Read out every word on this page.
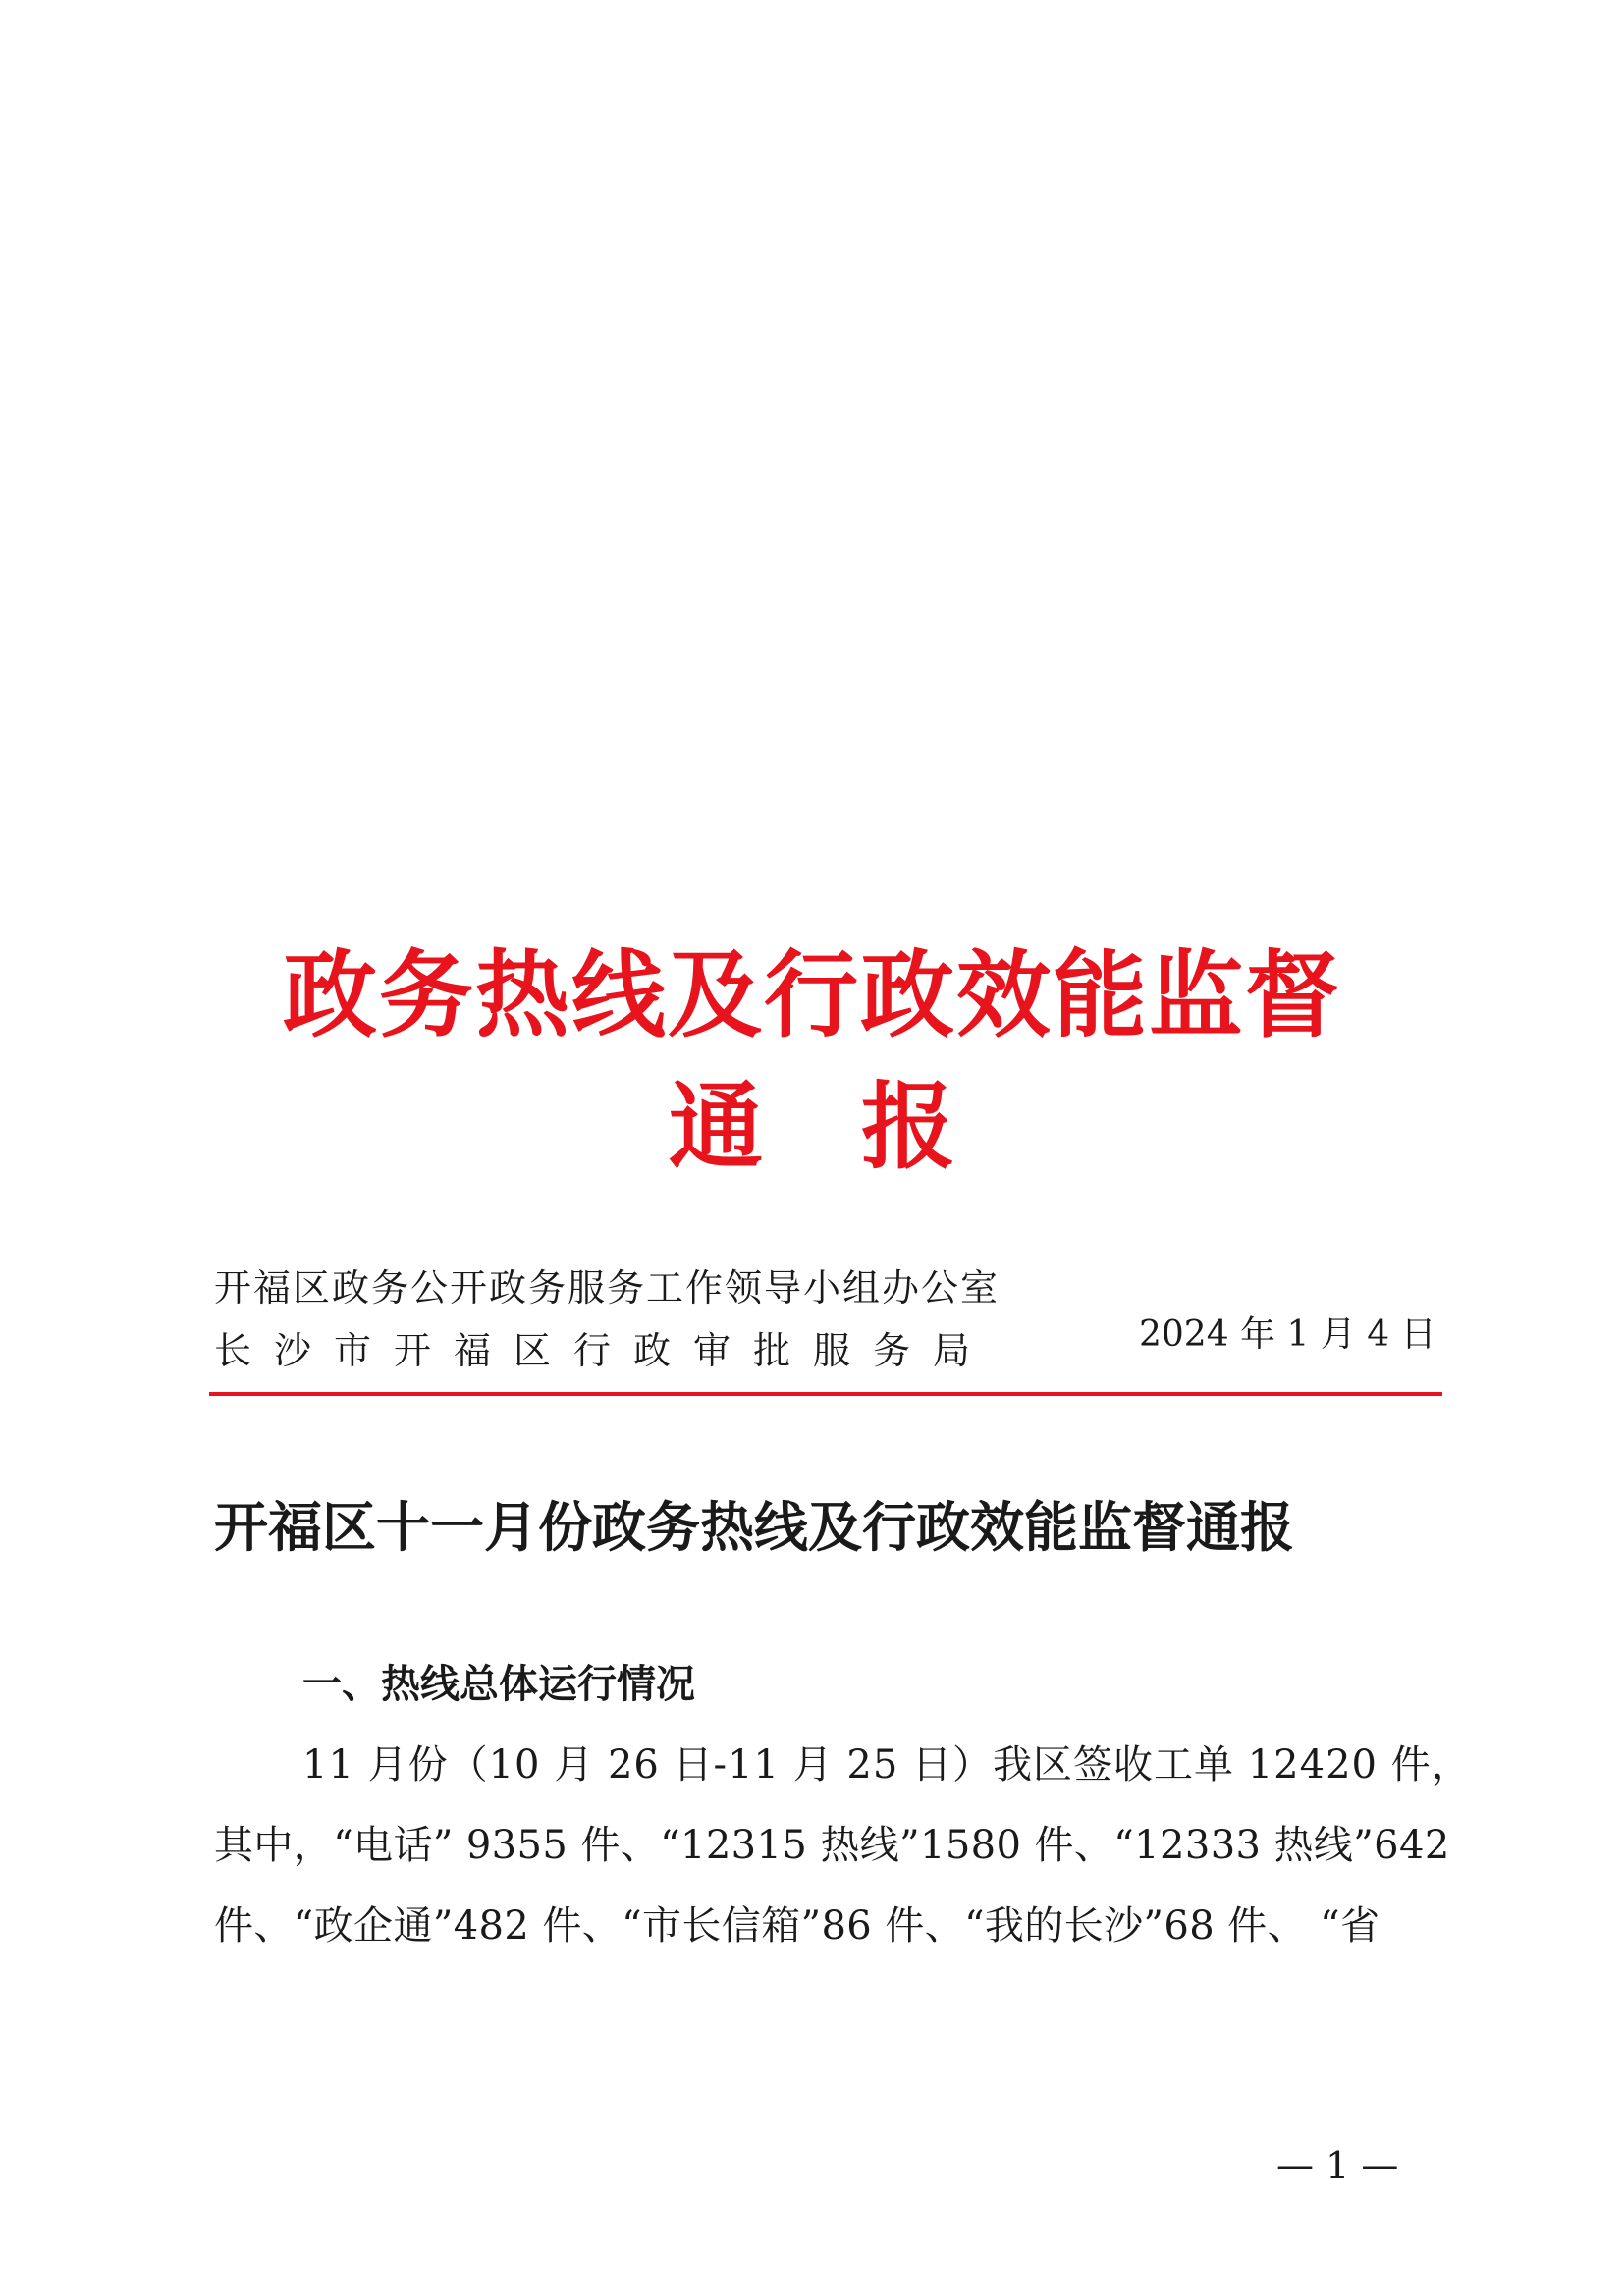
政务热线及行政效能监督
通报
开福区政务公开政务服务工作领导小组办公室
长沙市开福区行政审批服务局	2024 年 1 月 4 日
开福区十一月份政务热线及行政效能监督通报
一、热线总体运行情况
11 月份（10 月 26 日-11 月 25 日）我区签收工单 12420 件，
其中，“电话” 9355 件、“12315 热线”1580 件、“12333 热线”642
件、“政企通”482 件、“市长信箱”86 件、“我的长沙”68 件、 “省
— 1 —
